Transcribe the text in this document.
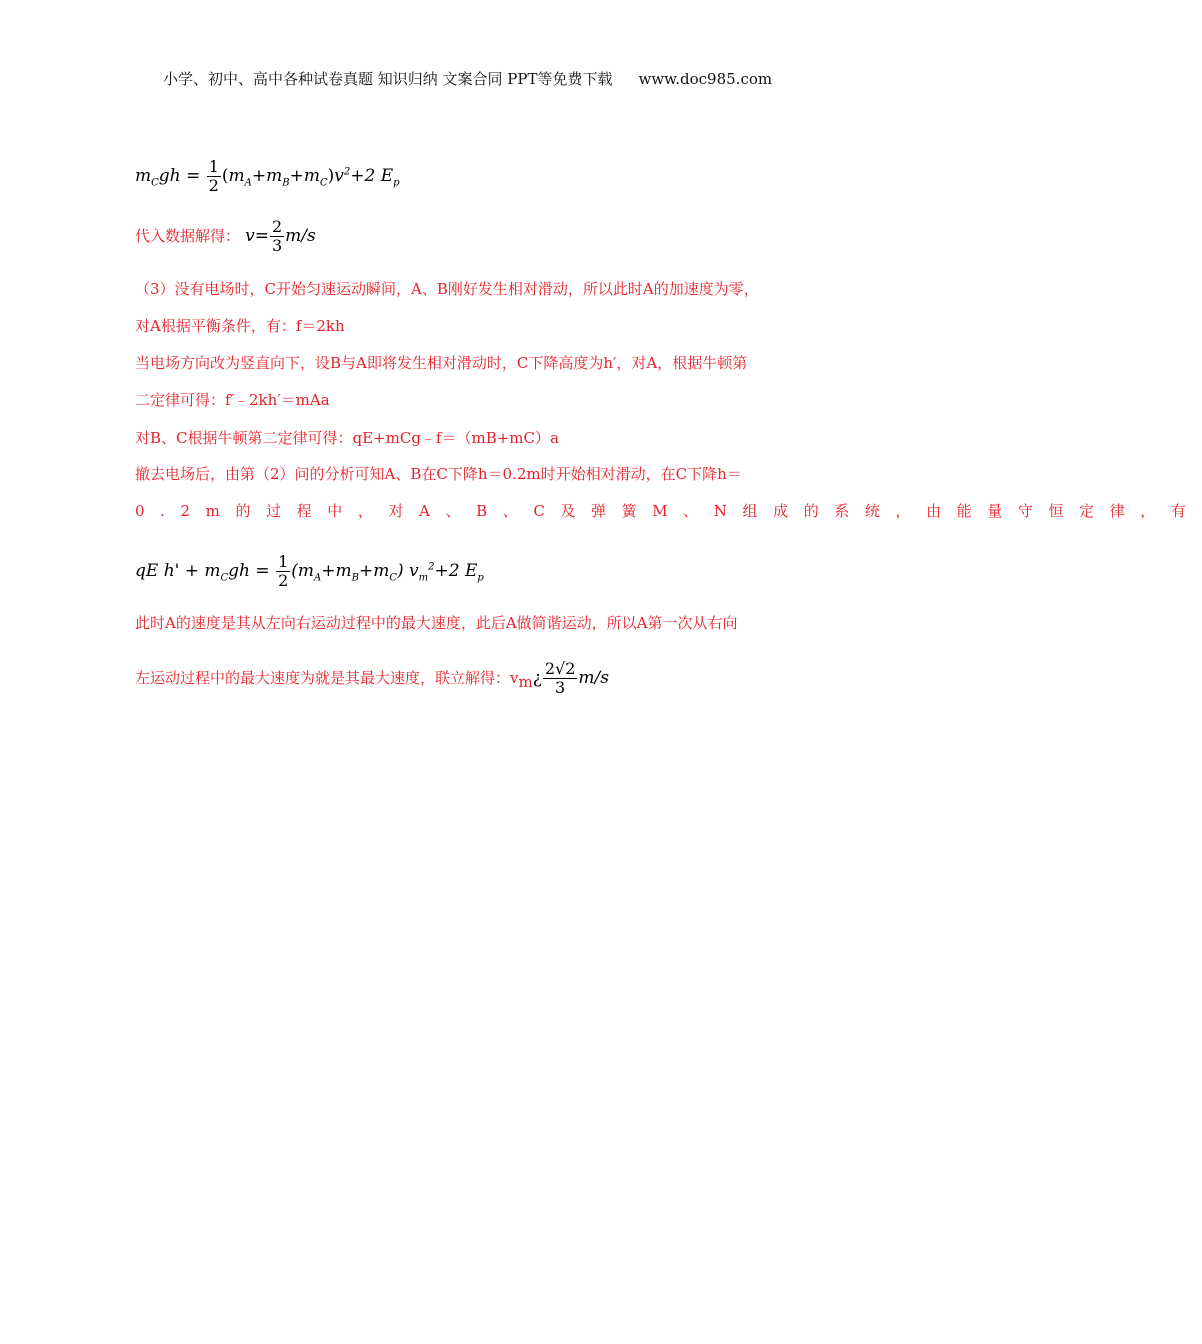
小学、初中、高中各种试卷真题 知识归纳 文案合同 PPT等免费下载 www.doc985.com
$m_Cgℎ = \frac{1}{2} (m_A+m_B+m_C)v^2+2$ $E_p$
代入数据解得： $v= \frac{2}{3} m/s$
（3）没有电场时，C开始匀速运动瞬间，A、B刚好发生相对滑动，所以此时A的加速度为零，
对A根据平衡条件，有：f＝2kh
当电场方向改为竖直向下，设B与A即将发生相对滑动时，C下降高度为h′，对A，根据牛顿第
二定律可得：f′﹣2kh′＝mAa
对B、C根据牛顿第二定律可得：qE+mCg﹣f＝（mB+mC）a
撤去电场后，由第（2）问的分析可知A、B在C下降h＝0.2m时开始相对滑动，在C下降h＝
0.2m的过程中，对A、B、C及弹簧M、N组成的系统，由能量守恒定律，有
qE ℎ' + $m_Cgℎ = \frac{1}{2} (m_A+m_B+m_C)$ $v_m^2+2$ $E_p$
此时A的速度是其从左向右运动过程中的最大速度，此后A做简谐运动，所以A第一次从右向
左运动过程中的最大速度为就是其最大速度，联立解得：$v_m¿ \frac{2√2}{3} m/s$
